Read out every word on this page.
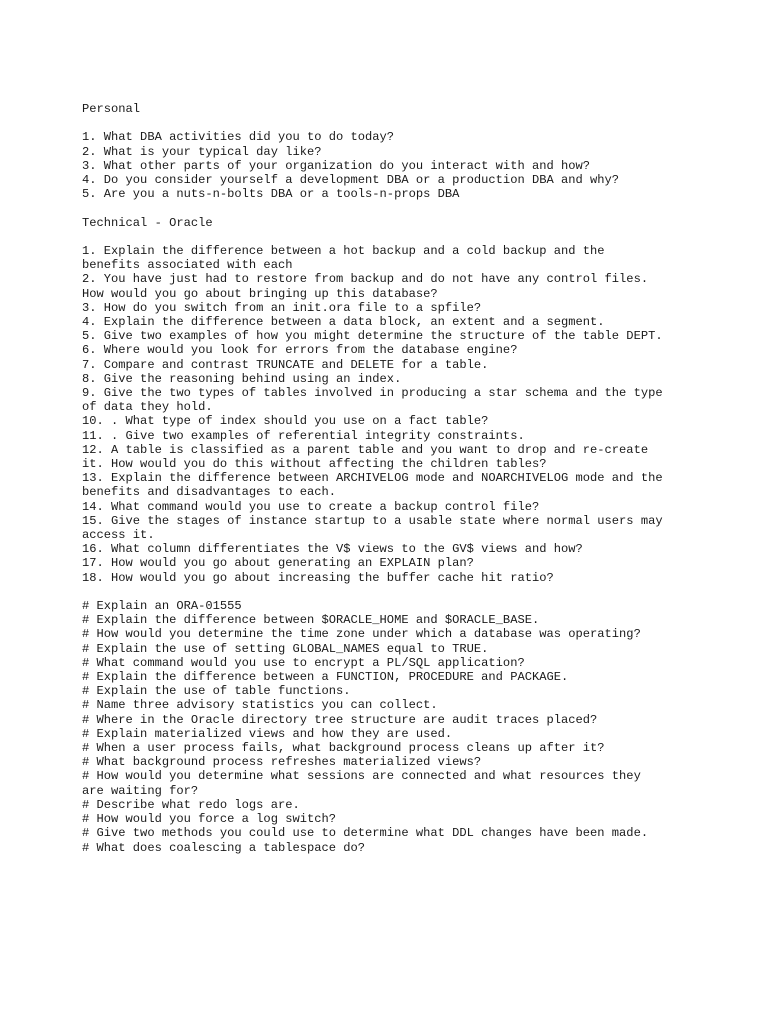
Personal
1. What DBA activities did you to do today?
2. What is your typical day like?
3. What other parts of your organization do you interact with and how?
4. Do you consider yourself a development DBA or a production DBA and why?
5. Are you a nuts-n-bolts DBA or a tools-n-props DBA
Technical - Oracle
1. Explain the difference between a hot backup and a cold backup and the
benefits associated with each
2. You have just had to restore from backup and do not have any control files.
How would you go about bringing up this database?
3. How do you switch from an init.ora file to a spfile?
4. Explain the difference between a data block, an extent and a segment.
5. Give two examples of how you might determine the structure of the table DEPT.
6. Where would you look for errors from the database engine?
7. Compare and contrast TRUNCATE and DELETE for a table.
8. Give the reasoning behind using an index.
9. Give the two types of tables involved in producing a star schema and the type
of data they hold.
10. . What type of index should you use on a fact table?
11. . Give two examples of referential integrity constraints.
12. A table is classified as a parent table and you want to drop and re-create
it. How would you do this without affecting the children tables?
13. Explain the difference between ARCHIVELOG mode and NOARCHIVELOG mode and the
benefits and disadvantages to each.
14. What command would you use to create a backup control file?
15. Give the stages of instance startup to a usable state where normal users may
access it.
16. What column differentiates the V$ views to the GV$ views and how?
17. How would you go about generating an EXPLAIN plan?
18. How would you go about increasing the buffer cache hit ratio?
# Explain an ORA-01555
# Explain the difference between $ORACLE_HOME and $ORACLE_BASE.
# How would you determine the time zone under which a database was operating?
# Explain the use of setting GLOBAL_NAMES equal to TRUE.
# What command would you use to encrypt a PL/SQL application?
# Explain the difference between a FUNCTION, PROCEDURE and PACKAGE.
# Explain the use of table functions.
# Name three advisory statistics you can collect.
# Where in the Oracle directory tree structure are audit traces placed?
# Explain materialized views and how they are used.
# When a user process fails, what background process cleans up after it?
# What background process refreshes materialized views?
# How would you determine what sessions are connected and what resources they
are waiting for?
# Describe what redo logs are.
# How would you force a log switch?
# Give two methods you could use to determine what DDL changes have been made.
# What does coalescing a tablespace do?
